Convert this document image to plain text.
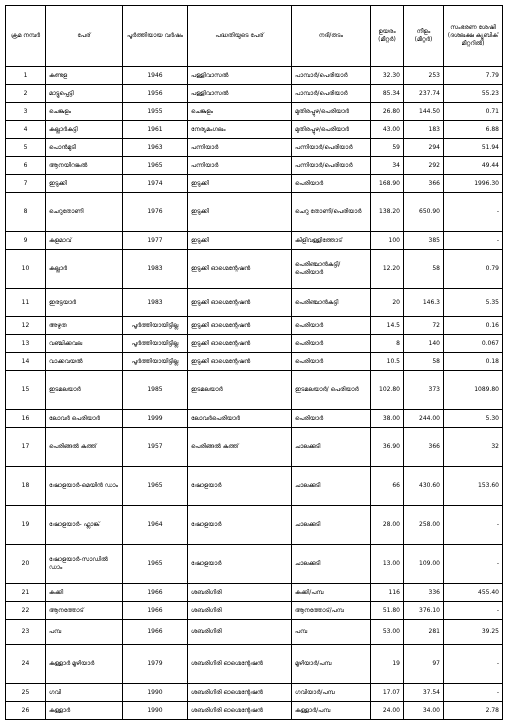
ക്രമ നമ്പർ	പേര്	പൂർത്തിയായ വർഷം	പദ്ധതിയുടെ പേര്	നദി/തടം	ഉയരം (മീറ്റർ)	നീളം (മീറ്റർ)	സംഭരണ ശേഷി (ദശലക്ഷ ക്യൂബിക് മീറ്ററിൽ)
1	കണ്ടള	1946	പള്ളിവാസൽ	പാമ്പാർ/പെരിയാർ	32.30	253	7.79
2	മാട്ടുപ്പെട്ടി	1956	പള്ളിവാസൽ	പാമ്പാർ/പെരിയാർ	85.34	237.74	55.23
3	ചെങ്കുളം	1955	ചെങ്കുളം	മുതിരപ്പുഴ/പെരിയാർ	26.80	144.50	0.71
4	കല്ലാർകുട്ടി	1961	നേര്യമംഗലം	മുതിരപ്പുഴ/പെരിയാർ	43.00	183	6.88
5	പൊൻമുടി	1963	പന്നിയാർ	പന്നിയാർ/പെരിയാർ	59	294	51.94
6	ആനയിറങ്കൽ	1965	പന്നിയാർ	പന്നിയാർ/പെരിയാർ	34	292	49.44
7	ഇടുക്കി	1974	ഇടുക്കി	പെരിയാർ	168.90	366	1996.30
8	ചെറുതോണി	1976	ഇടുക്കി	ചെറു തോണി/പെരിയാർ	138.20	650.90	-
9	കുളമാവ്	1977	ഇടുക്കി	കിളിവള്ളിത്തോട്	100	385	-
10	കല്ലാർ	1983	ഇടുക്കി ഓഗ്മെന്റേഷൻ	പെരിഞ്ചാൻകുട്ടി/ പെരിയാർ	12.20	58	0.79
11	ഇരട്ടയാർ	1983	ഇടുക്കി ഓഗ്മെന്റേഷൻ	പെരിഞ്ചാൻകുട്ടി	20	146.3	5.35
12	അഴുത	പൂർത്തിയായിട്ടില്ല	ഇടുക്കി ഓഗ്മെന്റേഷൻ	പെരിയാർ	14.5	72	0.16
13	വഞ്ചിക്കവല	പൂർത്തിയായിട്ടില്ല	ഇടുക്കി ഓഗ്മെന്റേഷൻ	പെരിയാർ	8	140	0.067
14	വാക്കവയൽ	പൂർത്തിയായിട്ടില്ല	ഇടുക്കി ഓഗ്മെന്റേഷൻ	പെരിയാർ	10.5	58	0.18
15	ഇടമലയാർ	1985	ഇടമലയാർ	ഇടമലയാർ/ പെരിയാർ	102.80	373	1089.80
16	ലോവർ പെരിയാർ	1999	ലോവർപെരിയാർ	പെരിയാർ	38.00	244.00	5.30
17	പെരിങ്ങൽ കുത്ത്	1957	പെരിങ്ങൽ കുത്ത്	ചാലക്കുടി	36.90	366	32
18	ഷോളയാർ-മെയിൻ ഡാം	1965	ഷോളയാർ	ചാലക്കുടി	66	430.60	153.60
19	ഷോളയാർ- ഫ്ലാങ്ക്	1964	ഷോളയാർ	ചാലക്കുടി	28.00	258.00	-
20	ഷോളയാർ-സാഡിൽ ഡാം	1965	ഷോളയാർ	ചാലക്കുടി	13.00	109.00	-
21	കക്കി	1966	ശബരിഗിരി	കക്കി/പമ്പ	116	336	455.40
22	ആനത്തോട്	1966	ശബരിഗിരി	ആനത്തോട്/പമ്പ	51.80	376.10	-
23	പമ്പ	1966	ശബരിഗിരി	പമ്പ	53.00	281	39.25
24	കുള്ളാർ മൂഴിയാർ	1979	ശബരിഗിരി ഓഗ്മെന്റേഷൻ	മൂഴിയാർ/പമ്പ	19	97	-
25	ഗവി	1990	ശബരിഗിരി ഓഗ്മെന്റേഷൻ	ഗവിയാർ/പമ്പ	17.07	37.54	-
26	കുള്ളാർ	1990	ശബരിഗിരി ഓഗ്മെന്റേഷൻ	കുള്ളാർ/പമ്പ	24.00	34.00	2.78
